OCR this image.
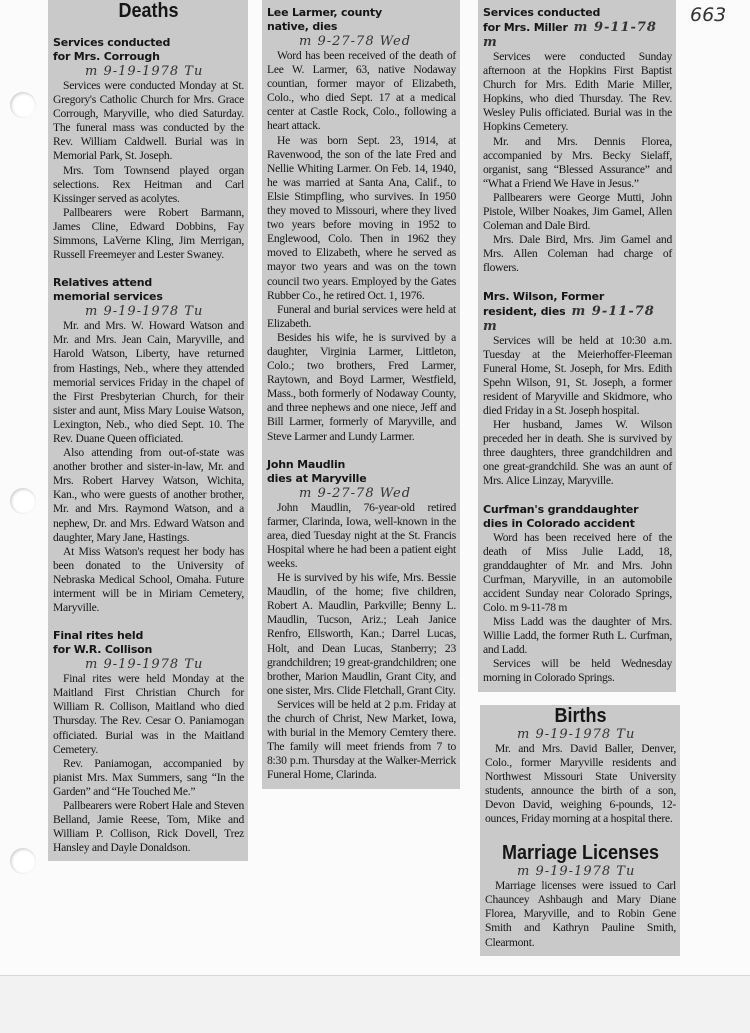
663
Deaths
Services conducted
for Mrs. Corrough
m 9-19-1978 Tu

Services were conducted Monday at St. Gregory's Catholic Church for Mrs. Grace Corrough, Maryville, who died Saturday. The funeral mass was conducted by the Rev. William Caldwell. Burial was in Memorial Park, St. Joseph.

Mrs. Tom Townsend played organ selections. Rex Heitman and Carl Kissinger served as acolytes.

Pallbearers were Robert Barmann, James Cline, Edward Dobbins, Fay Simmons, LaVerne Kling, Jim Merrigan, Russell Freemeyer and Lester Swaney.

Relatives attend
memorial services
m 9-19-1978 Tu

Mr. and Mrs. W. Howard Watson and Mr. and Mrs. Jean Cain, Maryville, and Harold Watson, Liberty, have returned from Hastings, Neb., where they attended memorial services Friday in the chapel of the First Presbyterian Church, for their sister and aunt, Miss Mary Louise Watson, Lexington, Neb., who died Sept. 10. The Rev. Duane Queen officiated.

Also attending from out-of-state was another brother and sister-in-law, Mr. and Mrs. Robert Harvey Watson, Wichita, Kan., who were guests of another brother, Mr. and Mrs. Raymond Watson, and a nephew, Dr. and Mrs. Edward Watson and daughter, Mary Jane, Hastings.

At Miss Watson's request her body has been donated to the University of Nebraska Medical School, Omaha. Future interment will be in Miriam Cemetery, Maryville.

Final rites held
for W.R. Collison
m 9-19-1978 Tu

Final rites were held Monday at the Maitland First Christian Church for William R. Collison, Maitland who died Thursday. The Rev. Cesar O. Paniamogan officiated. Burial was in the Maitland Cemetery.

Rev. Paniamogan, accompanied by pianist Mrs. Max Summers, sang “In the Garden” and “He Touched Me.”

Pallbearers were Robert Hale and Steven Belland, Jamie Reese, Tom, Mike and William P. Collison, Rick Dovell, Trez Hansley and Dayle Donaldson.

Lee Larmer, county
native, dies
m 9-27-78 Wed

Word has been received of the death of Lee W. Larmer, 63, native Nodaway countian, former mayor of Elizabeth, Colo., who died Sept. 17 at a medical center at Castle Rock, Colo., following a heart attack.

He was born Sept. 23, 1914, at Ravenwood, the son of the late Fred and Nellie Whiting Larmer. On Feb. 14, 1940, he was married at Santa Ana, Calif., to Elsie Stimpfling, who survives. In 1950 they moved to Missouri, where they lived two years before moving in 1952 to Englewood, Colo. Then in 1962 they moved to Elizabeth, where he served as mayor two years and was on the town council two years. Employed by the Gates Rubber Co., he retired Oct. 1, 1976.

Funeral and burial services were held at Elizabeth.

Besides his wife, he is survived by a daughter, Virginia Larmer, Littleton, Colo.; two brothers, Fred Larmer, Raytown, and Boyd Larmer, Westfield, Mass., both formerly of Nodaway County, and three nephews and one niece, Jeff and Bill Larmer, formerly of Maryville, and Steve Larmer and Lundy Larmer.

John Maudlin
dies at Maryville
m 9-27-78 Wed

John Maudlin, 76-year-old retired farmer, Clarinda, Iowa, well-known in the area, died Tuesday night at the St. Francis Hospital where he had been a patient eight weeks.

He is survived by his wife, Mrs. Bessie Maudlin, of the home; five children, Robert A. Maudlin, Parkville; Benny L. Maudlin, Tucson, Ariz.; Leah Janice Renfro, Ellsworth, Kan.; Darrel Lucas, Holt, and Dean Lucas, Stanberry; 23 grandchildren; 19 great-grandchildren; one brother, Marion Maudlin, Grant City, and one sister, Mrs. Clide Fletchall, Grant City.

Services will be held at 2 p.m. Friday at the church of Christ, New Market, Iowa, with burial in the Memory Cemtery there. The family will meet friends from 7 to 8:30 p.m. Thursday at the Walker-Merrick Funeral Home, Clarinda.

Services conducted
for Mrs. Miller m 9-11-78 m

Services were conducted Sunday afternoon at the Hopkins First Baptist Church for Mrs. Edith Marie Miller, Hopkins, who died Thursday. The Rev. Wesley Pulis officiated. Burial was in the Hopkins Cemetery.

Mr. and Mrs. Dennis Florea, accompanied by Mrs. Becky Sielaff, organist, sang “Blessed Assurance” and “What a Friend We Have in Jesus.”

Pallbearers were George Mutti, John Pistole, Wilber Noakes, Jim Gamel, Allen Coleman and Dale Bird.

Mrs. Dale Bird, Mrs. Jim Gamel and Mrs. Allen Coleman had charge of flowers.

Mrs. Wilson, Former
resident, dies m 9-11-78 m

Services will be held at 10:30 a.m. Tuesday at the Meierhoffer-Fleeman Funeral Home, St. Joseph, for Mrs. Edith Spehn Wilson, 91, St. Joseph, a former resident of Maryville and Skidmore, who died Friday in a St. Joseph hospital.

Her husband, James W. Wilson preceded her in death. She is survived by three daughters, three grandchildren and one great-grandchild. She was an aunt of Mrs. Alice Linzay, Maryville.

Curfman's granddaughter
dies in Colorado accident

Word has been received here of the death of Miss Julie Ladd, 18, granddaughter of Mr. and Mrs. John Curfman, Maryville, in an automobile accident Sunday near Colorado Springs, Colo. m 9-11-78 m

Miss Ladd was the daughter of Mrs. Willie Ladd, the former Ruth L. Curfman, and Ladd.

Services will be held Wednesday morning in Colorado Springs.

Births
m 9-19-1978 Tu

Mr. and Mrs. David Baller, Denver, Colo., former Maryville residents and Northwest Missouri State University students, announce the birth of a son, Devon David, weighing 6-pounds, 12-ounces, Friday morning at a hospital there.

Marriage Licenses
m 9-19-1978 Tu

Marriage licenses were issued to Carl Chauncey Ashbaugh and Mary Diane Florea, Maryville, and to Robin Gene Smith and Kathryn Pauline Smith, Clearmont.
